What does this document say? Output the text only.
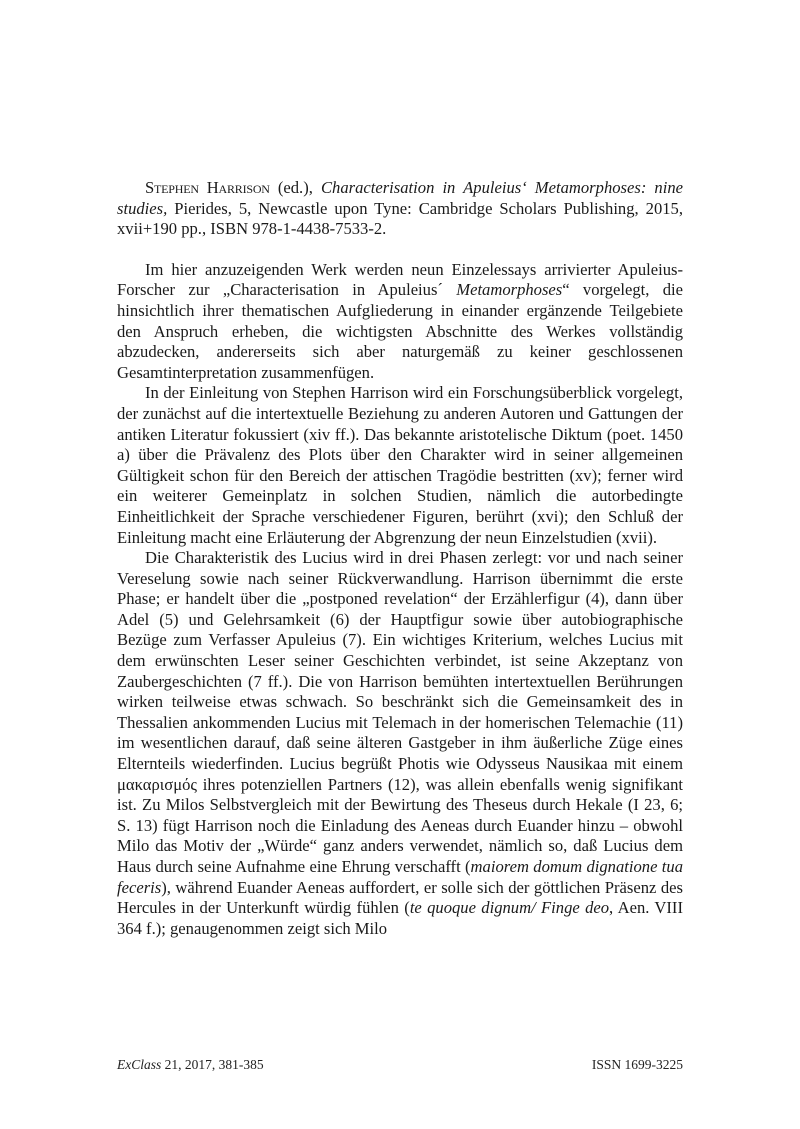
Stephen Harrison (ed.), Characterisation in Apuleius‘ Metamorphoses: nine studies, Pierides, 5, Newcastle upon Tyne: Cambridge Scholars Publishing, 2015, xvii+190 pp., ISBN 978-1-4438-7533-2.

Im hier anzuzeigenden Werk werden neun Einzelessays arrivierter Apuleius-Forscher zur „Characterisation in Apuleius´ Metamorphoses“ vorgelegt, die hinsichtlich ihrer thematischen Aufgliederung in einander ergänzende Teilgebiete den Anspruch erheben, die wichtigsten Abschnitte des Werkes vollständig abzudecken, andererseits sich aber naturgemäß zu keiner geschlossenen Gesamtinterpretation zusammenfügen.

In der Einleitung von Stephen Harrison wird ein Forschungsüberblick vorgelegt, der zunächst auf die intertextuelle Beziehung zu anderen Autoren und Gattungen der antiken Literatur fokussiert (xiv ff.). Das bekannte aristotelische Diktum (poet. 1450 a) über die Prävalenz des Plots über den Charakter wird in seiner allgemeinen Gültigkeit schon für den Bereich der attischen Tragödie bestritten (xv); ferner wird ein weiterer Gemeinplatz in solchen Studien, nämlich die autorbedingte Einheitlichkeit der Sprache verschiedener Figuren, berührt (xvi); den Schluß der Einleitung macht eine Erläuterung der Abgrenzung der neun Einzelstudien (xvii).

Die Charakteristik des Lucius wird in drei Phasen zerlegt: vor und nach seiner Vereselung sowie nach seiner Rückverwandlung. Harrison übernimmt die erste Phase; er handelt über die „postponed revelation“ der Erzählerfigur (4), dann über Adel (5) und Gelehrsamkeit (6) der Hauptfigur sowie über autobiographische Bezüge zum Verfasser Apuleius (7). Ein wichtiges Kriterium, welches Lucius mit dem erwünschten Leser seiner Geschichten verbindet, ist seine Akzeptanz von Zaubergeschichten (7 ff.). Die von Harrison bemühten intertextuellen Berührungen wirken teilweise etwas schwach. So beschränkt sich die Gemeinsamkeit des in Thessalien ankommenden Lucius mit Telemach in der homerischen Telemachie (11) im wesentlichen darauf, daß seine älteren Gastgeber in ihm äußerliche Züge eines Elternteils wiederfinden. Lucius begrüßt Photis wie Odysseus Nausikaa mit einem μακαρισμός ihres potenziellen Partners (12), was allein ebenfalls wenig signifikant ist. Zu Milos Selbstvergleich mit der Bewirtung des Theseus durch Hekale (I 23, 6; S. 13) fügt Harrison noch die Einladung des Aeneas durch Euander hinzu – obwohl Milo das Motiv der „Würde“ ganz anders verwendet, nämlich so, daß Lucius dem Haus durch seine Aufnahme eine Ehrung verschafft (maiorem domum dignatione tua feceris), während Euander Aeneas auffordert, er solle sich der göttlichen Präsenz des Hercules in der Unterkunft würdig fühlen (te quoque dignum/ Finge deo, Aen. VIII 364 f.); genaugenommen zeigt sich Milo

ExClass 21, 2017, 381-385	ISSN 1699-3225
